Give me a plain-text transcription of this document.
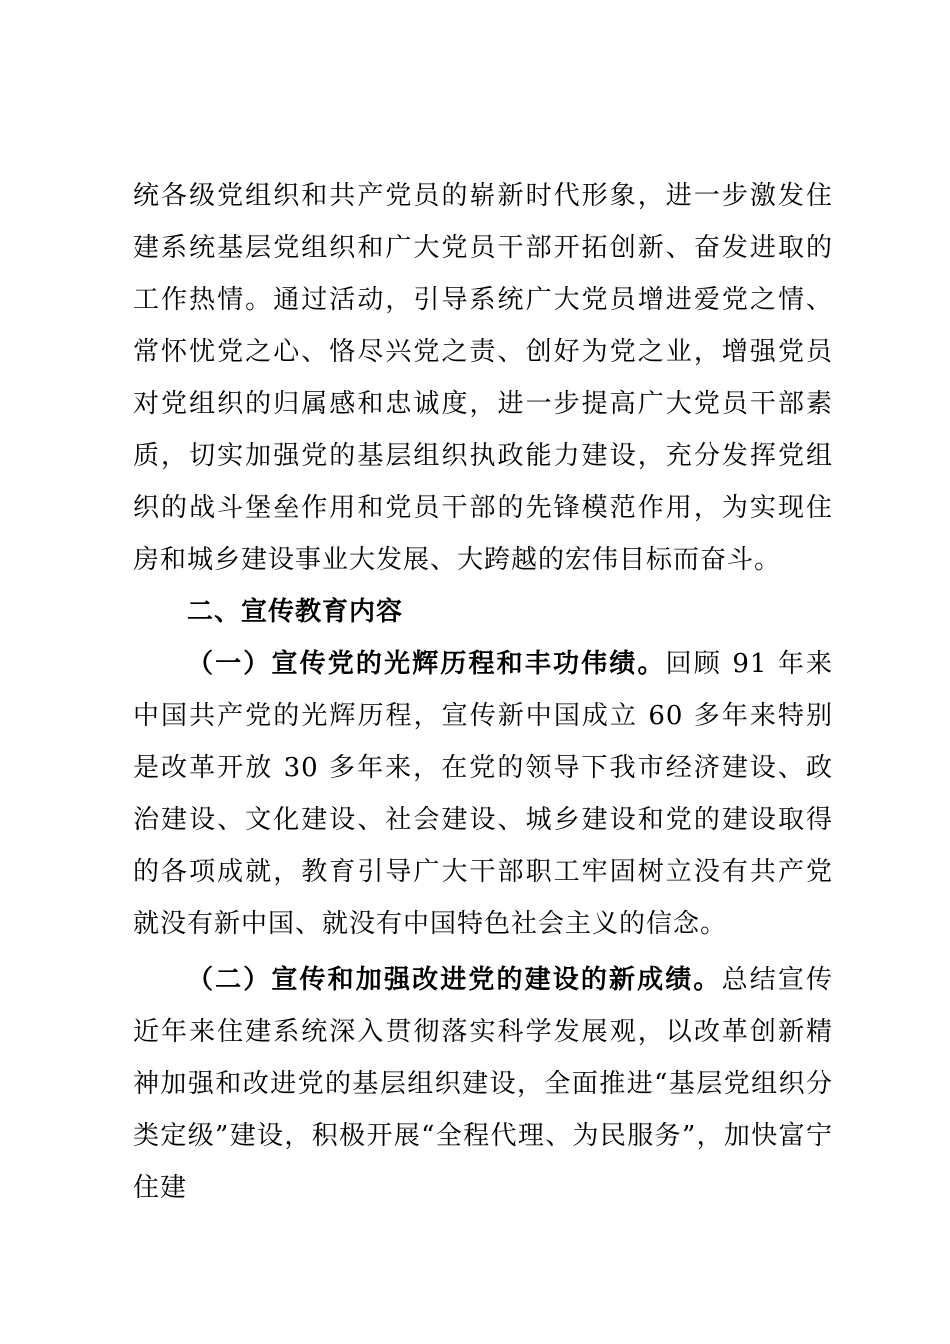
统各级党组织和共产党员的崭新时代形象，进一步激发住建系统基层党组织和广大党员干部开拓创新、奋发进取的工作热情。通过活动，引导系统广大党员增进爱党之情、常怀忧党之心、恪尽兴党之责、创好为党之业，增强党员对党组织的归属感和忠诚度，进一步提高广大党员干部素质，切实加强党的基层组织执政能力建设，充分发挥党组织的战斗堡垒作用和党员干部的先锋模范作用，为实现住房和城乡建设事业大发展、大跨越的宏伟目标而奋斗。

二、宣传教育内容

（一）宣传党的光辉历程和丰功伟绩。回顾 91 年来中国共产党的光辉历程，宣传新中国成立 60 多年来特别是改革开放 30 多年来，在党的领导下我市经济建设、政治建设、文化建设、社会建设、城乡建设和党的建设取得的各项成就，教育引导广大干部职工牢固树立没有共产党就没有新中国、就没有中国特色社会主义的信念。

（二）宣传和加强改进党的建设的新成绩。总结宣传近年来住建系统深入贯彻落实科学发展观，以改革创新精神加强和改进党的基层组织建设，全面推进“基层党组织分类定级”建设，积极开展“全程代理、为民服务”，加快富宁住建
